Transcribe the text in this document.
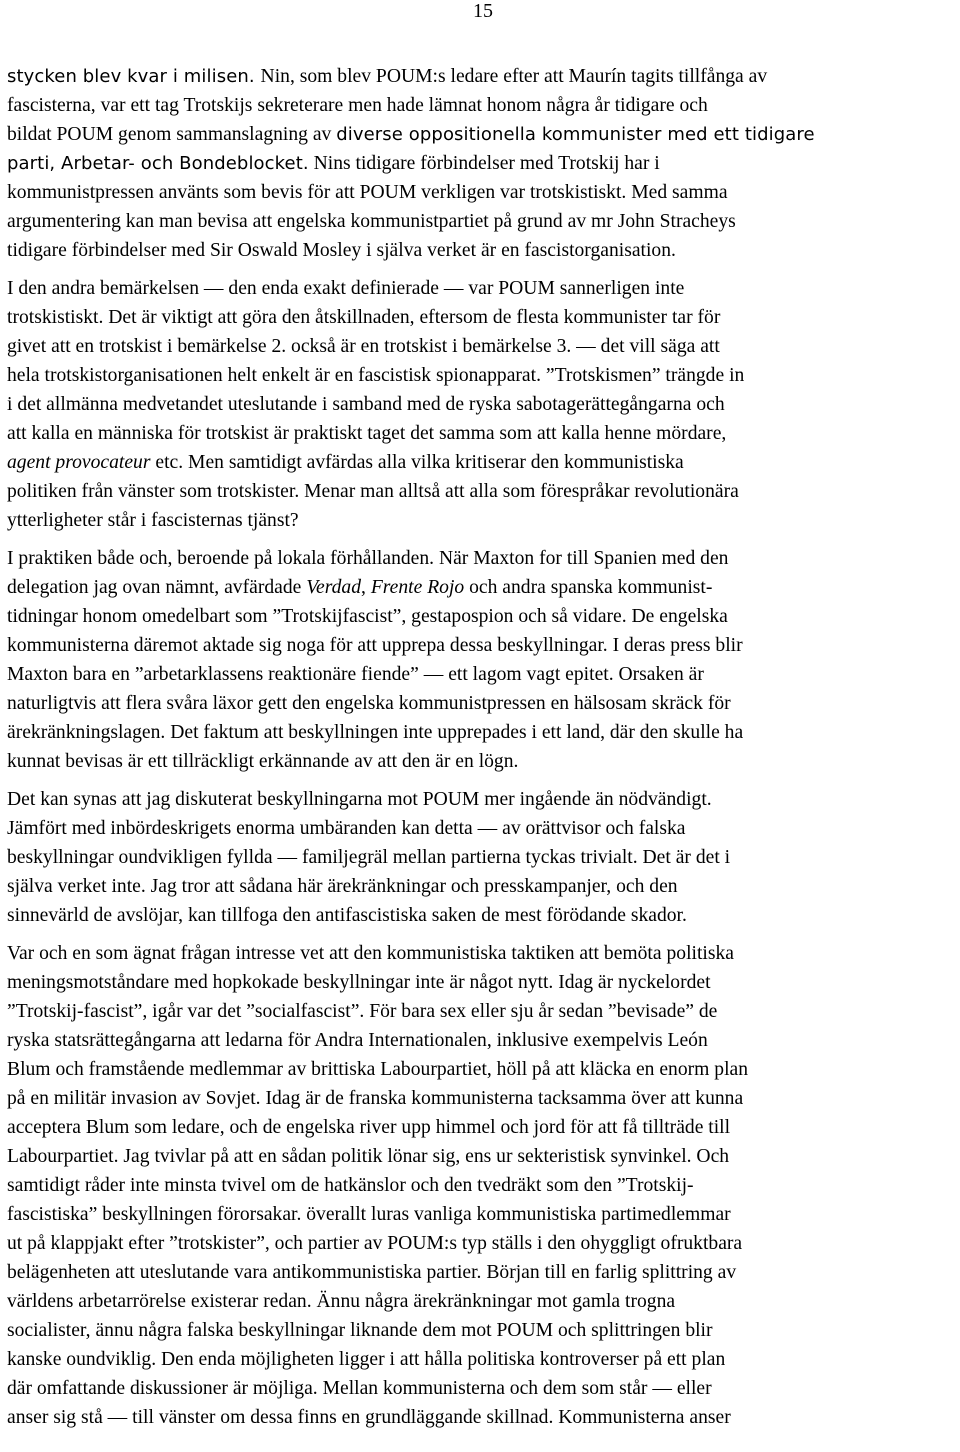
15

stycken blev kvar i milisen. Nin, som blev POUM:s ledare efter att Maurín tagits tillfånga av
fascisterna, var ett tag Trotskijs sekreterare men hade lämnat honom några år tidigare och
bildat POUM genom sammanslagning av diverse oppositionella kommunister med ett tidigare
parti, Arbetar- och Bondeblocket. Nins tidigare förbindelser med Trotskij har i
kommunistpressen använts som bevis för att POUM verkligen var trotskistiskt. Med samma
argumentering kan man bevisa att engelska kommunistpartiet på grund av mr John Stracheys
tidigare förbindelser med Sir Oswald Mosley i själva verket är en fascistorganisation.

I den andra bemärkelsen — den enda exakt definierade — var POUM sannerligen inte
trotskistiskt. Det är viktigt att göra den åtskillnaden, eftersom de flesta kommunister tar för
givet att en trotskist i bemärkelse 2. också är en trotskist i bemärkelse 3. — det vill säga att
hela trotskistorganisationen helt enkelt är en fascistisk spionapparat. ”Trotskismen” trängde in
i det allmänna medvetandet uteslutande i samband med de ryska sabotagerättegångarna och
att kalla en människa för trotskist är praktiskt taget det samma som att kalla henne mördare,
agent provocateur etc. Men samtidigt avfärdas alla vilka kritiserar den kommunistiska
politiken från vänster som trotskister. Menar man alltså att alla som förespråkar revolutionära
ytterligheter står i fascisternas tjänst?

I praktiken både och, beroende på lokala förhållanden. När Maxton for till Spanien med den
delegation jag ovan nämnt, avfärdade Verdad, Frente Rojo och andra spanska kommunist-
tidningar honom omedelbart som ”Trotskijfascist”, gestapospion och så vidare. De engelska
kommunisterna däremot aktade sig noga för att upprepa dessa beskyllningar. I deras press blir
Maxton bara en ”arbetarklassens reaktionäre fiende” — ett lagom vagt epitet. Orsaken är
naturligtvis att flera svåra läxor gett den engelska kommunistpressen en hälsosam skräck för
ärekränkningslagen. Det faktum att beskyllningen inte upprepades i ett land, där den skulle ha
kunnat bevisas är ett tillräckligt erkännande av att den är en lögn.

Det kan synas att jag diskuterat beskyllningarna mot POUM mer ingående än nödvändigt.
Jämfört med inbördeskrigets enorma umbäranden kan detta — av orättvisor och falska
beskyllningar oundvikligen fyllda — familjegräl mellan partierna tyckas trivialt. Det är det i
själva verket inte. Jag tror att sådana här ärekränkningar och presskampanjer, och den
sinnevärld de avslöjar, kan tillfoga den antifascistiska saken de mest förödande skador.

Var och en som ägnat frågan intresse vet att den kommunistiska taktiken att bemöta politiska
meningsmotståndare med hopkokade beskyllningar inte är något nytt. Idag är nyckelordet
”Trotskij-fascist”, igår var det ”socialfascist”. För bara sex eller sju år sedan ”bevisade” de
ryska statsrättegångarna att ledarna för Andra Internationalen, inklusive exempelvis León
Blum och framstående medlemmar av brittiska Labourpartiet, höll på att kläcka en enorm plan
på en militär invasion av Sovjet. Idag är de franska kommunisterna tacksamma över att kunna
acceptera Blum som ledare, och de engelska river upp himmel och jord för att få tillträde till
Labourpartiet. Jag tvivlar på att en sådan politik lönar sig, ens ur sekteristisk synvinkel. Och
samtidigt råder inte minsta tvivel om de hatkänslor och den tvedräkt som den ”Trotskij-
fascistiska” beskyllningen förorsakar. överallt luras vanliga kommunistiska partimedlemmar
ut på klappjakt efter ”trotskister”, och partier av POUM:s typ ställs i den ohyggligt ofruktbara
belägenheten att uteslutande vara antikommunistiska partier. Början till en farlig splittring av
världens arbetarrörelse existerar redan. Ännu några ärekränkningar mot gamla trogna
socialister, ännu några falska beskyllningar liknande dem mot POUM och splittringen blir
kanske oundviklig. Den enda möjligheten ligger i att hålla politiska kontroverser på ett plan
där omfattande diskussioner är möjliga. Mellan kommunisterna och dem som står — eller
anser sig stå — till vänster om dessa finns en grundläggande skillnad. Kommunisterna anser
